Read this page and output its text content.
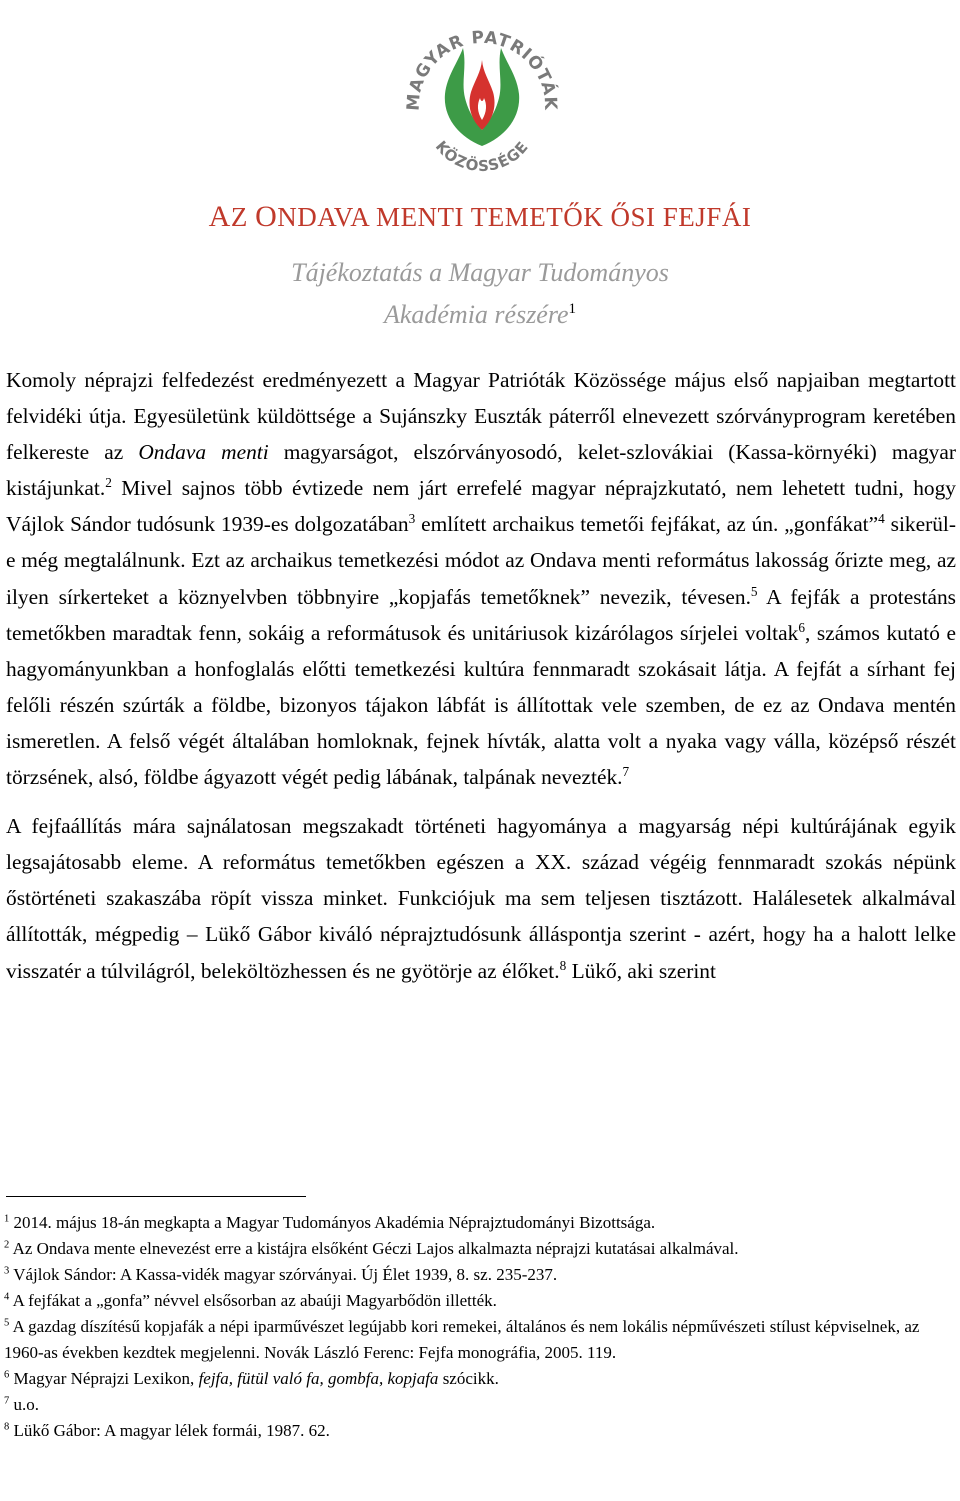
MAGYAR PATRIÓTÁK
KÖZÖSSÉGE
AZ ONDAVA MENTI TEMETŐK ŐSI FEJFÁI
Tájékoztatás a Magyar Tudományos
Akadémia részére$^1$

Komoly néprajzi felfedezést eredményezett a Magyar Patrióták Közössége május első napjaiban megtartott felvidéki útja. Egyesületünk küldöttsége a Sujánszky Euszták páterről elnevezett szórványprogram keretében felkereste az Ondava menti magyarságot, elszórványosodó, kelet-szlovákiai (Kassa-környéki) magyar kistájunkat.$^2$ Mivel sajnos több évtizede nem járt errefelé magyar néprajzkutató, nem lehetett tudni, hogy Vájlok Sándor tudósunk 1939-es dolgozatában$^3$ említett archaikus temetői fejfákat, az ún. „gonfákat”$^4$ sikerül-e még megtalálnunk. Ezt az archaikus temetkezési módot az Ondava menti református lakosság őrizte meg, az ilyen sírkerteket a köznyelvben többnyire „kopjafás temetőknek” nevezik, tévesen.$^5$ A fejfák a protestáns temetőkben maradtak fenn, sokáig a reformátusok és unitáriusok kizárólagos sírjelei voltak$^6$, számos kutató e hagyományunkban a honfoglalás előtti temetkezési kultúra fennmaradt szokásait látja. A fejfát a sírhant fej felőli részén szúrták a földbe, bizonyos tájakon lábfát is állítottak vele szemben, de ez az Ondava mentén ismeretlen. A felső végét általában homloknak, fejnek hívták, alatta volt a nyaka vagy válla, középső részét törzsének, alsó, földbe ágyazott végét pedig lábának, talpának nevezték.$^7$

A fejfaállítás mára sajnálatosan megszakadt történeti hagyománya a magyarság népi kultúrájának egyik legsajátosabb eleme. A református temetőkben egészen a XX. század végéig fennmaradt szokás népünk őstörténeti szakaszába röpít vissza minket. Funkciójuk ma sem teljesen tisztázott. Halálesetek alkalmával állították, mégpedig – Lükő Gábor kiváló néprajztudósunk álláspontja szerint - azért, hogy ha a halott lelke visszatér a túlvilágról, beleköltözhessen és ne gyötörje az élőket.$^8$ Lükő, aki szerint

$^1$ 2014. május 18-án megkapta a Magyar Tudományos Akadémia Néprajztudományi Bizottsága.

$^2$ Az Ondava mente elnevezést erre a kistájra elsőként Géczi Lajos alkalmazta néprajzi kutatásai alkalmával.

$^3$ Vájlok Sándor: A Kassa-vidék magyar szórványai. Új Élet 1939, 8. sz. 235-237.

$^4$ A fejfákat a „gonfa” névvel elsősorban az abaúji Magyarbődön illették.

$^5$ A gazdag díszítésű kopjafák a népi iparművészet legújabb kori remekei, általános és nem lokális népművészeti stílust képviselnek, az 1960-as években kezdtek megjelenni. Novák László Ferenc: Fejfa monográfia, 2005. 119.

$^6$ Magyar Néprajzi Lexikon, fejfa, fütül való fa, gombfa, kopjafa szócikk.

$^7$ u.o.

$^8$ Lükő Gábor: A magyar lélek formái, 1987. 62.
